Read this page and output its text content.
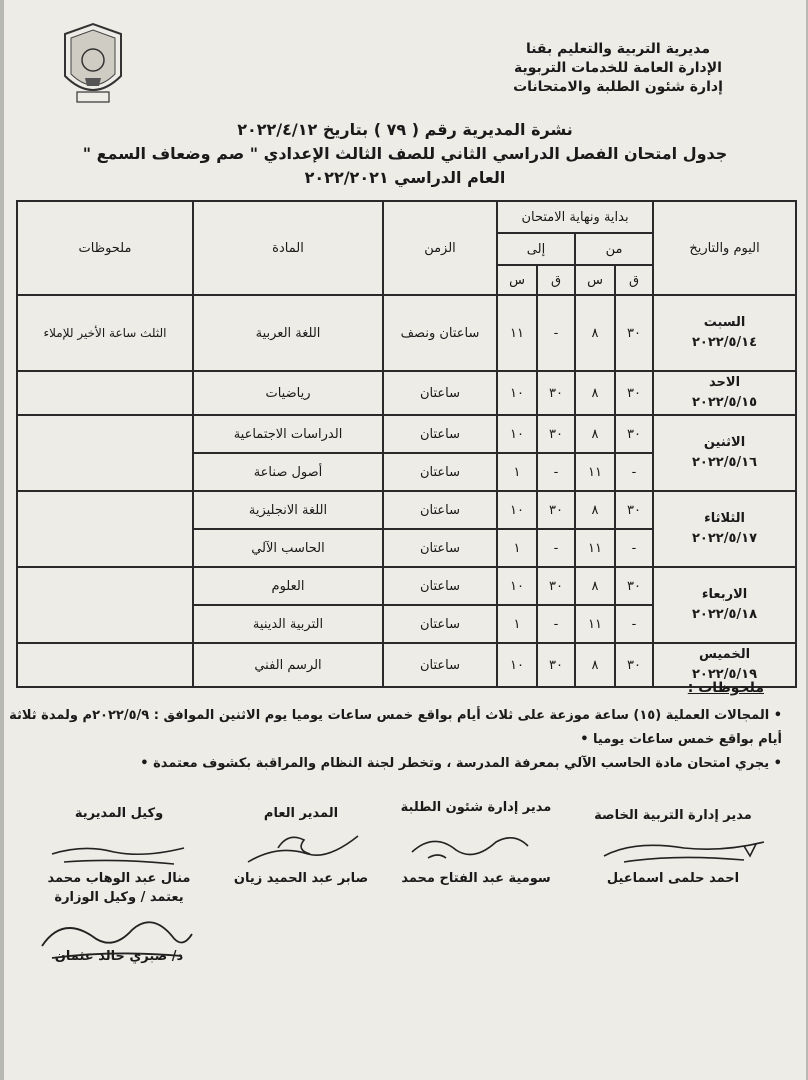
مديرية التربية والتعليم بقنا
الإدارة العامة للخدمات التربوية
إدارة شئون الطلبة والامتحانات
نشرة المديرية رقم ( ٧٩ ) بتاريخ ٢٠٢٢/٤/١٢
جدول امتحان الفصل الدراسي الثاني للصف الثالث الإعدادي " صم وضعاف السمع "
العام الدراسي ٢٠٢٢/٢٠٢١
اليوم والتاريخ	بداية ونهاية الامتحان				الزمن	المادة	ملحوظات
	من		إلى				
	ق	س	ق	س			

السبت
٢٠٢٢/٥/١٤	٣٠	٨	-	١١	ساعتان ونصف	اللغة العربية	الثلث ساعة الأخير للإملاء

الاحد
٢٠٢٢/٥/١٥	٣٠	٨	٣٠	١٠	ساعتان	رياضيات	

الاثنين
٢٠٢٢/٥/١٦	٣٠	٨	٣٠	١٠	ساعتان	الدراسات الاجتماعية	
	-	١١	-	١	ساعتان	أصول صناعة	

الثلاثاء
٢٠٢٢/٥/١٧	٣٠	٨	٣٠	١٠	ساعتان	اللغة الانجليزية	
	-	١١	-	١	ساعتان	الحاسب الآلي	

الاربعاء
٢٠٢٢/٥/١٨	٣٠	٨	٣٠	١٠	ساعتان	العلوم	
	-	١١	-	١	ساعتان	التربية الدينية	

الخميس
٢٠٢٢/٥/١٩	٣٠	٨	٣٠	١٠	ساعتان	الرسم الفني	
ملحوظات :
• المجالات العملية (١٥) ساعة موزعة على ثلاث أيام بواقع خمس ساعات يوميا يوم الاثنين الموافق : ٢٠٢٢/٥/٩م ولمدة ثلاثة
أيام بواقع خمس ساعات يوميا •
• يجري امتحان مادة الحاسب الآلي بمعرفة المدرسة ، وتخطر لجنة النظام والمراقبة بكشوف معتمدة •
مدير إدارة التربية الخاصة
احمد حلمى اسماعيل
مدير إدارة شئون الطلبة
سومية عبد الفتاح محمد
المدير العام
صابر عبد الحميد زيان
وكيل المديرية
منال عبد الوهاب محمد
يعتمد / وكيل الوزارة
د/ صبري خالد عثمان
